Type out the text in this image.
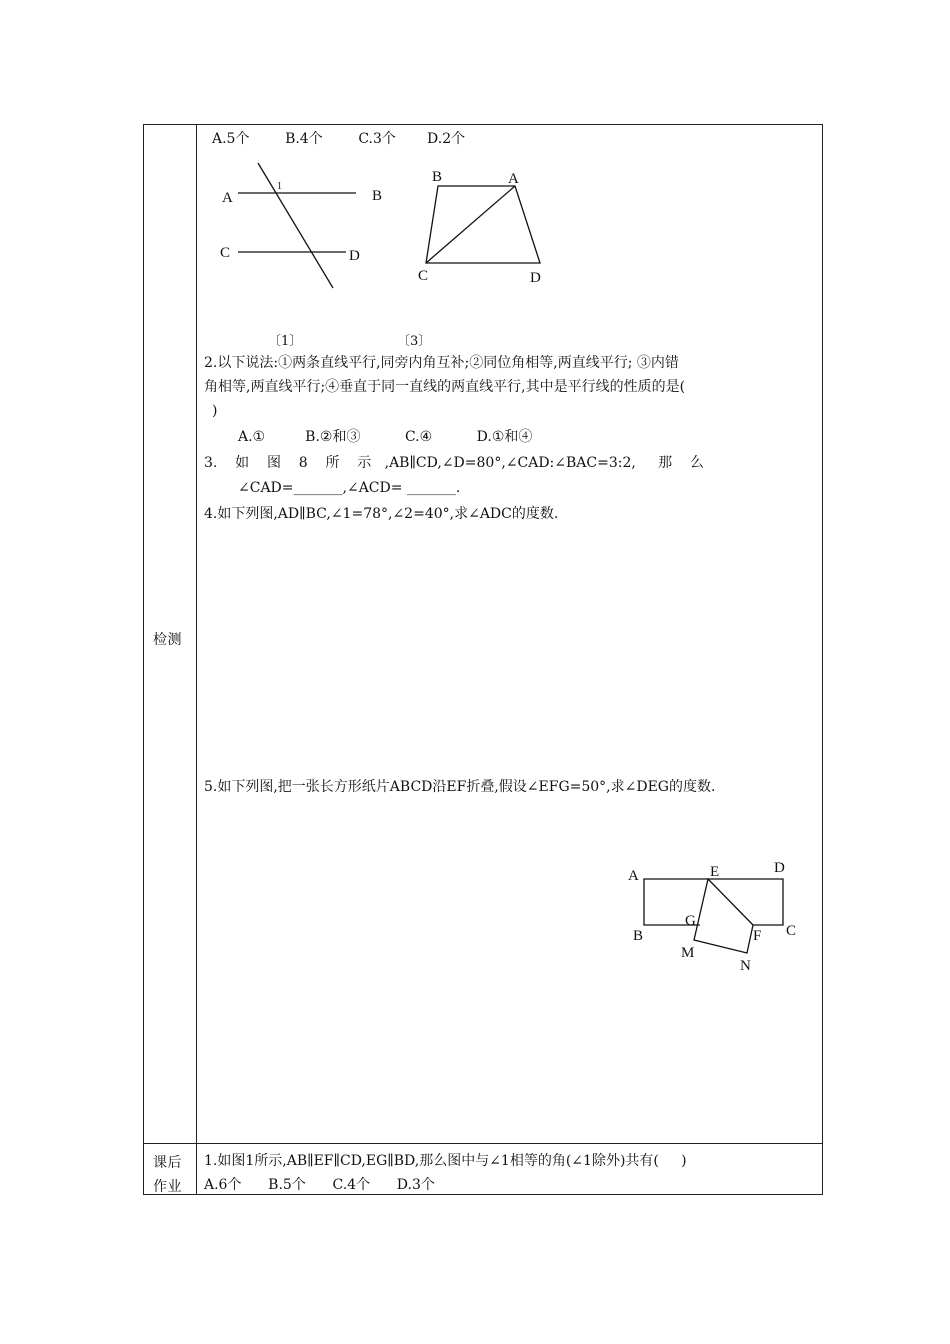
检测
课后
作业
A.5个        B.4个        C.3个       D.2个
A
1
C	D
B
B	A
C	D
〔1〕	〔3〕
2.以下说法:①两条直线平行,同旁内角互补;②同位角相等,两直线平行; ③内错
角相等,两直线平行;④垂直于同一直线的两直线平行,其中是平行线的性质的是(
)
A.①         B.②和③          C.④          D.①和④
3.    如    图    8    所    示   ,AB∥CD,∠D=80°,∠CAD:∠BAC=3:2,     那    么
∠CAD=_______,∠ACD= _______.
4.如下列图,AD∥BC,∠1=78°,∠2=40°,求∠ADC的度数.
5.如下列图,把一张长方形纸片ABCD沿EF折叠,假设∠EFG=50°,求∠DEG的度数.
A	E	D
G
F C
B
M
N
1.如图1所示,AB∥EF∥CD,EG∥BD,那么图中与∠1相等的角(∠1除外)共有(     )
A.6个      B.5个      C.4个      D.3个
